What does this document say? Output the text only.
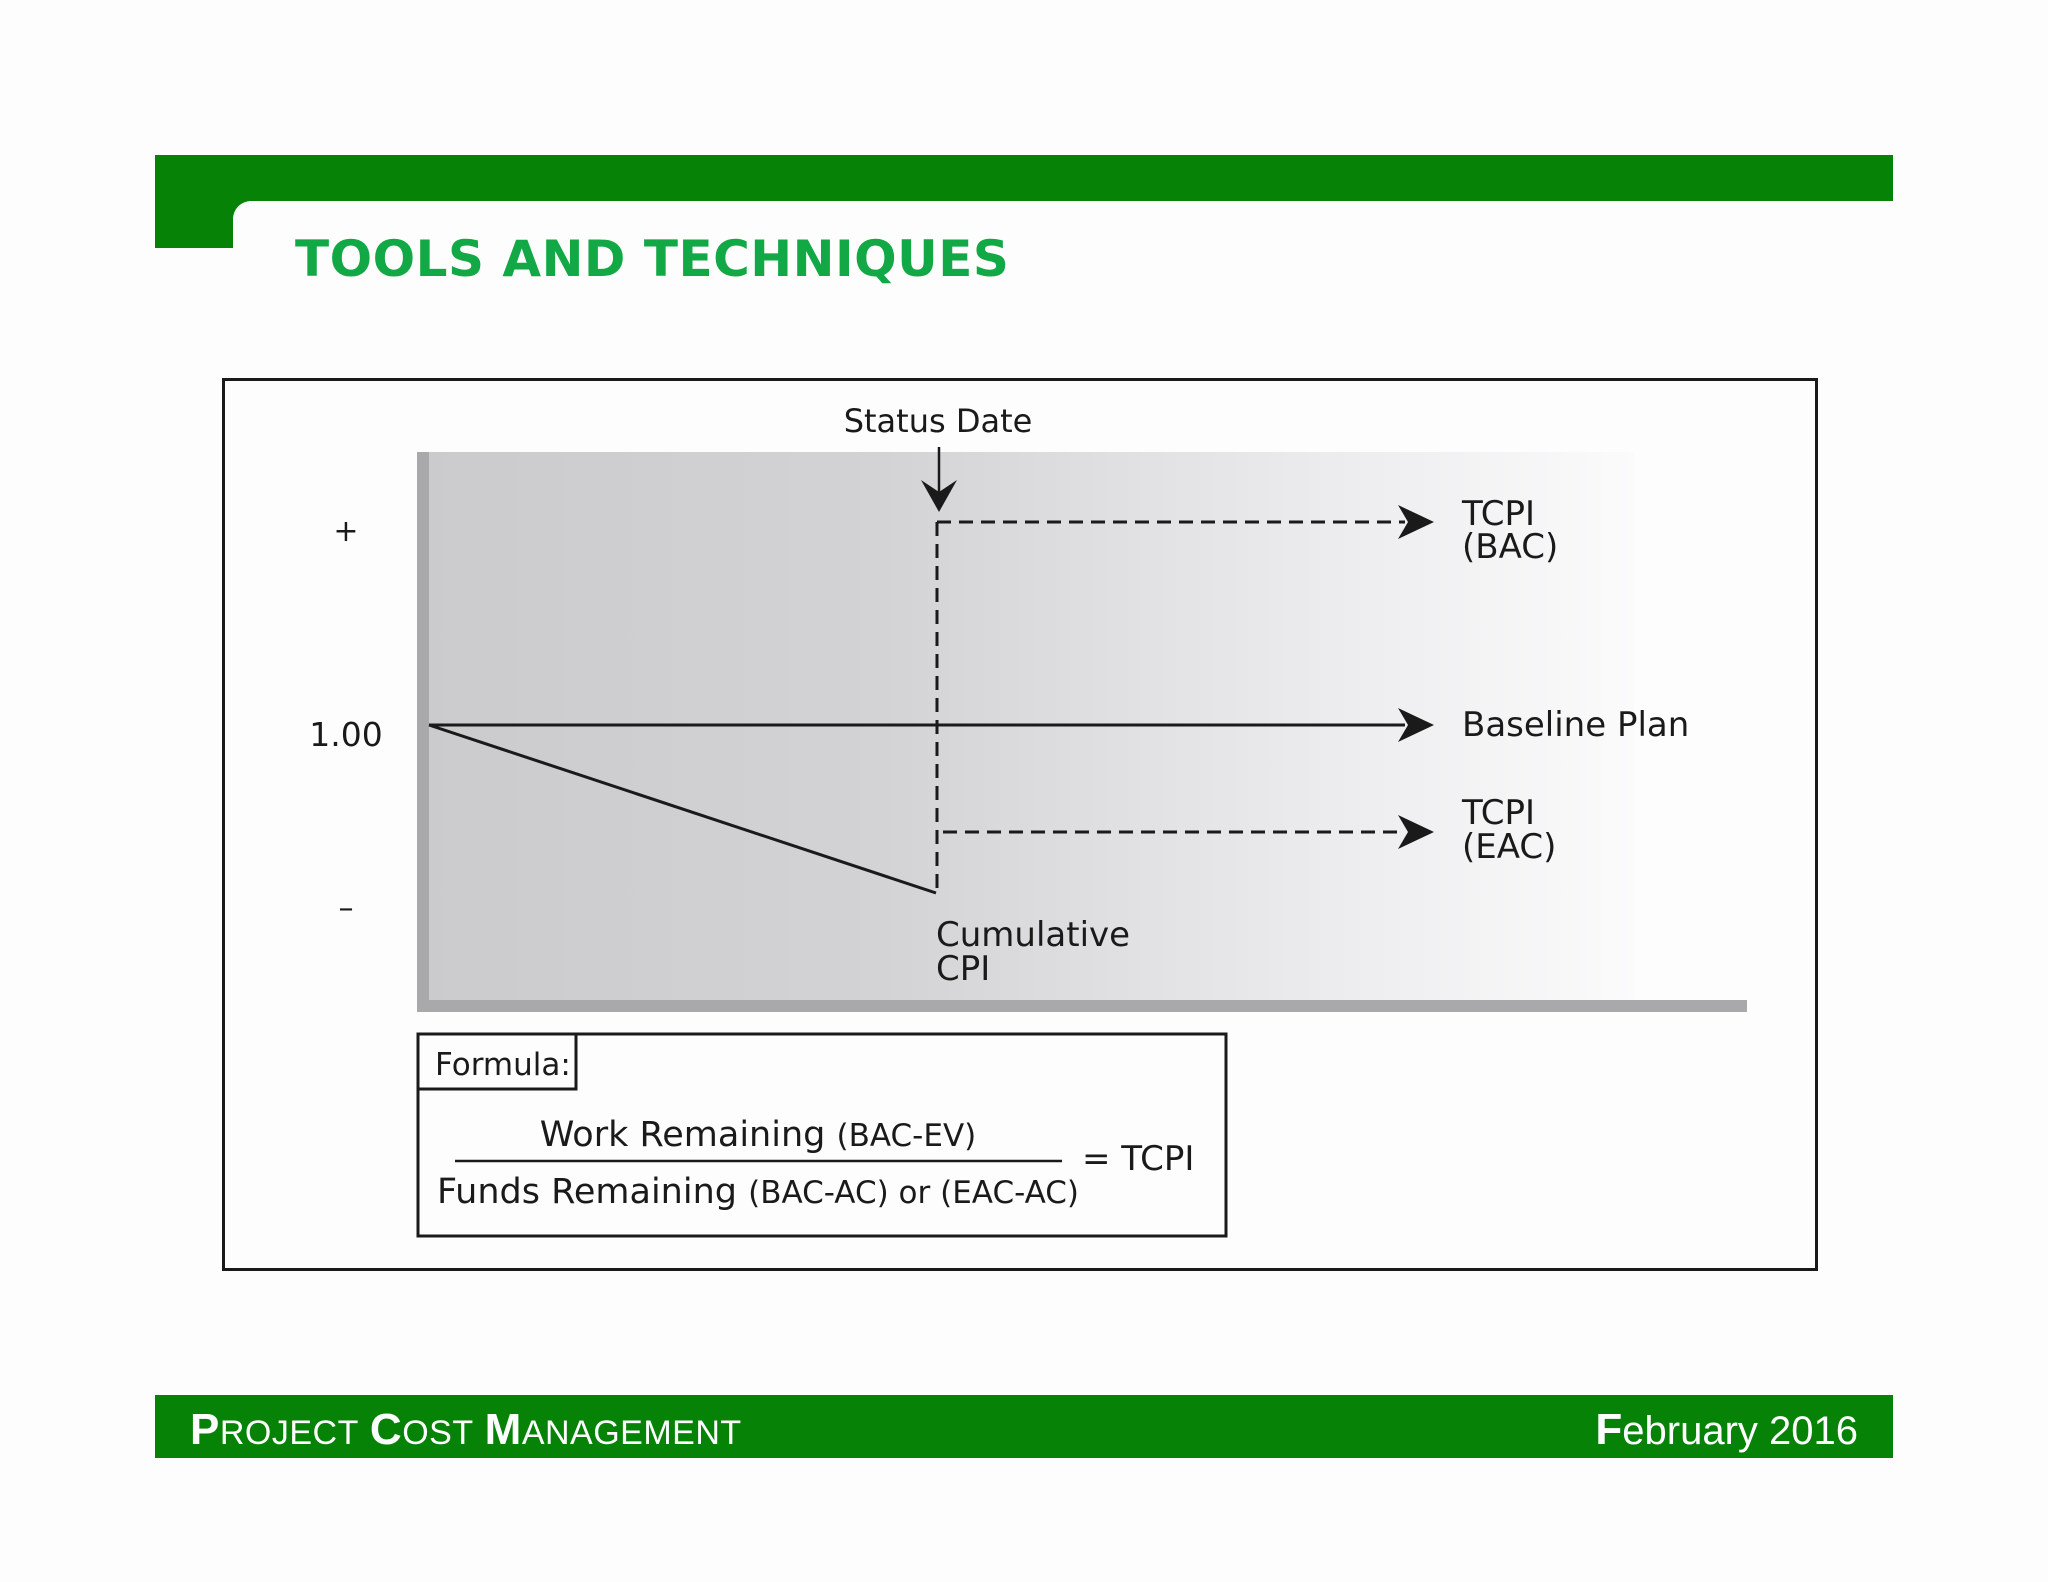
TOOLS AND TECHNIQUES
Status Date
+
1.00
–
TCPI
(BAC)
Baseline Plan
TCPI
(EAC)
Cumulative
CPI
Formula:
Work Remaining (BAC-EV)
Funds Remaining (BAC-AC) or (EAC-AC)
= TCPI
PROJECT COST MANAGEMENT	February 2016
